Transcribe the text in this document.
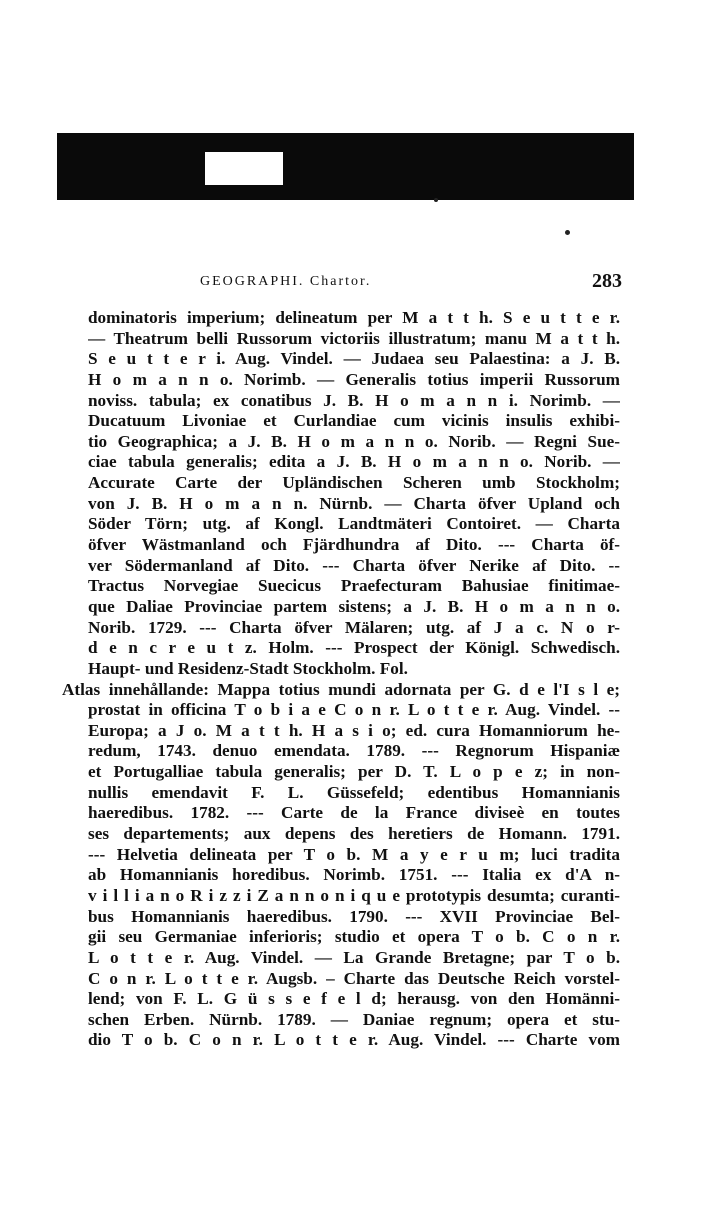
GEOGRAPHI. Chartor.	283
dominatoris imperium; delineatum per M a t t h. S e u t t e r.
— Theatrum belli Russorum victoriis illustratum; manu M a t t h.
S e u t t e r i. Aug. Vindel. — Judaea seu Palaestina: a J. B.
H o m a n n o. Norimb. — Generalis totius imperii Russorum
noviss. tabula; ex conatibus J. B. H o m a n n i. Norimb. —
Ducatuum Livoniae et Curlandiae cum vicinis insulis exhibi-
tio Geographica; a J. B. H o m a n n o. Norib. — Regni Sue-
ciae tabula generalis; edita a J. B. H o m a n n o. Norib. —
Accurate Carte der Upländischen Scheren umb Stockholm;
von J. B. H o m a n n. Nürnb. — Charta öfver Upland och
Söder Törn; utg. af Kongl. Landtmäteri Contoiret. — Charta
öfver Wästmanland och Fjärdhundra af Dito. --- Charta öf-
ver Södermanland af Dito. --- Charta öfver Nerike af Dito. --
Tractus Norvegiae Suecicus Praefecturam Bahusiae finitimae-
que Daliae Provinciae partem sistens; a J. B. H o m a n n o.
Norib. 1729. --- Charta öfver Mälaren; utg. af J a c. N o r-
d e n c r e u t z. Holm. --- Prospect der Königl. Schwedisch.
Haupt- und Residenz-Stadt Stockholm. Fol.
Atlas innehållande: Mappa totius mundi adornata per G. d e l'I s l e;
prostat in officina T o b i a e C o n r. L o t t e r. Aug. Vindel. --
Europa; a J o. M a t t h. H a s i o; ed. cura Homanniorum he-
redum, 1743. denuo emendata. 1789. --- Regnorum Hispaniæ
et Portugalliae tabula generalis; per D. T. L o p e z; in non-
nullis emendavit F. L. Güssefeld; edentibus Homannianis
haeredibus. 1782. --- Carte de la France diviseè en toutes
ses departements; aux depens des heretiers de Homann. 1791.
--- Helvetia delineata per T o b. M a y e r u m; luci tradita
ab Homannianis horedibus. Norimb. 1751. --- Italia ex d'A n-
v i l l i a n o R i z z i Z a n n o n i q u e prototypis desumta; curanti-
bus Homannianis haeredibus. 1790. --- XVII Provinciae Bel-
gii seu Germaniae inferioris; studio et opera T o b. C o n r.
L o t t e r. Aug. Vindel. — La Grande Bretagne; par T o b.
C o n r. L o t t e r. Augsb. – Charte das Deutsche Reich vorstel-
lend; von F. L. G ü s s e f e l d; herausg. von den Homänni-
schen Erben. Nürnb. 1789. — Daniae regnum; opera et stu-
dio T o b. C o n r. L o t t e r. Aug. Vindel. --- Charte vom
